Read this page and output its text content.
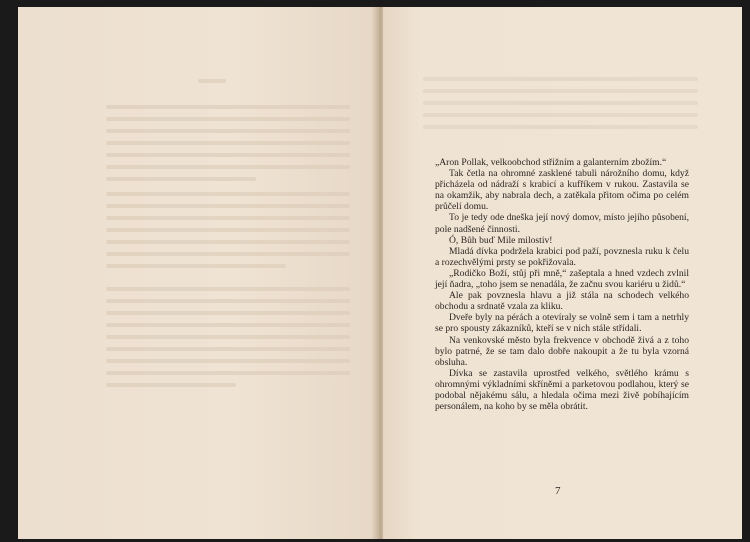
„Aron Pollak, velkoobchod střižním a galanterním zbožím.“

Tak četla na ohromné zasklené tabuli nárožního domu, když přicházela od nádraží s krabicí a kufříkem v rukou. Zastavila se na okamžik, aby nabrala dech, a zatěkala přitom očima po celém průčelí domu.

To je tedy ode dneška její nový domov, místo jejího působení, pole nadšené činnosti.

Ó, Bůh buď Mile milostiv!

Mladá dívka podržela krabici pod paží, povznesla ruku k čelu a rozechvělými prsty se pokřižovala.

„Rodičko Boží, stůj při mně,“ zašeptala a hned vzdech zvlnil její ňadra, „toho jsem se nenadála, že začnu svou kariéru u židů.“

Ale pak povznesla hlavu a již stála na schodech velkého obchodu a srdnatě vzala za kliku.

Dveře byly na pérách a otevíraly se volně sem i tam a netrhly se pro spousty zákazníků, kteří se v nich stále střídali.

Na venkovské město byla frekvence v obchodě živá a z toho bylo patrné, že se tam dalo dobře nakoupit a že tu byla vzorná obsluha.

Dívka se zastavila uprostřed velkého, světlého krámu s ohromnými výkladními skříněmi a parketovou podlahou, který se podobal nějakému sálu, a hledala očima mezi živě pobíhajícím personálem, na koho by se měla obrátit.

7
